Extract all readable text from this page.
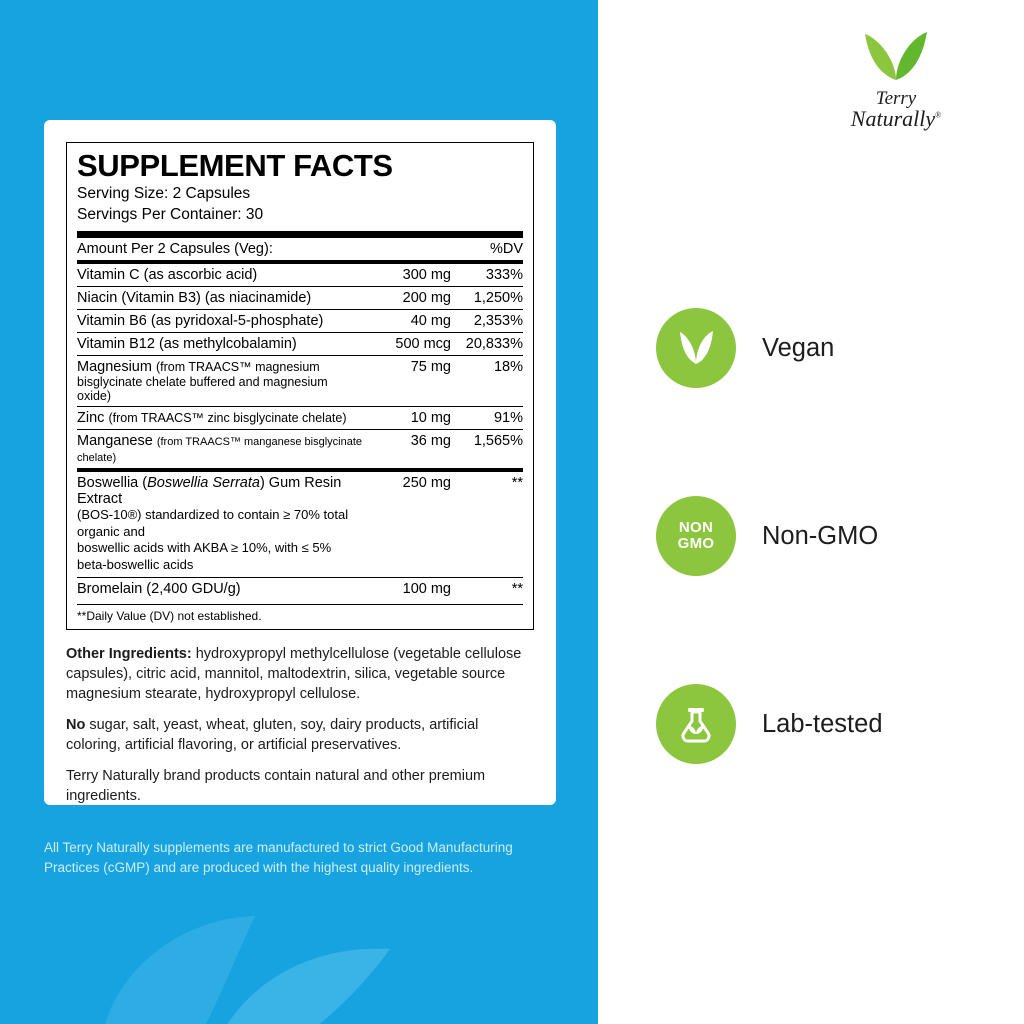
SUPPLEMENT FACTS
Serving Size: 2 Capsules
Servings Per Container: 30
Amount Per 2 Capsules (Veg):		%DV
Vitamin C (as ascorbic acid)	300 mg	333%
Niacin (Vitamin B3) (as niacinamide)	200 mg	1,250%
Vitamin B6 (as pyridoxal-5-phosphate)	40 mg	2,353%
Vitamin B12 (as methylcobalamin)	500 mcg	20,833%
Magnesium (from TRAACS™ magnesium
bisglycinate chelate buffered and magnesium oxide)	75 mg	18%
Zinc (from TRAACS™ zinc bisglycinate chelate)	10 mg	91%
Manganese (from TRAACS™ manganese bisglycinate chelate)	36 mg	1,565%
Boswellia (Boswellia Serrata) Gum Resin Extract
(BOS-10®) standardized to contain ≥ 70% total organic and
boswellic acids with AKBA ≥ 10%, with ≤ 5% beta-boswellic acids	250 mg	**
Bromelain (2,400 GDU/g)	100 mg	**
**Daily Value (DV) not established.

Other Ingredients: hydroxypropyl methylcellulose (vegetable cellulose capsules), citric acid, mannitol, maltodextrin, silica, vegetable source magnesium stearate, hydroxypropyl cellulose.

No sugar, salt, yeast, wheat, gluten, soy, dairy products, artificial coloring, artificial flavoring, or artificial preservatives.

Terry Naturally brand products contain natural and other premium ingredients.

All Terry Naturally supplements are manufactured to strict Good Manufacturing Practices (cGMP) and are produced with the highest quality ingredients.
Terry
Naturally®
Vegan
NON
GMO Non-GMO
Lab-tested
